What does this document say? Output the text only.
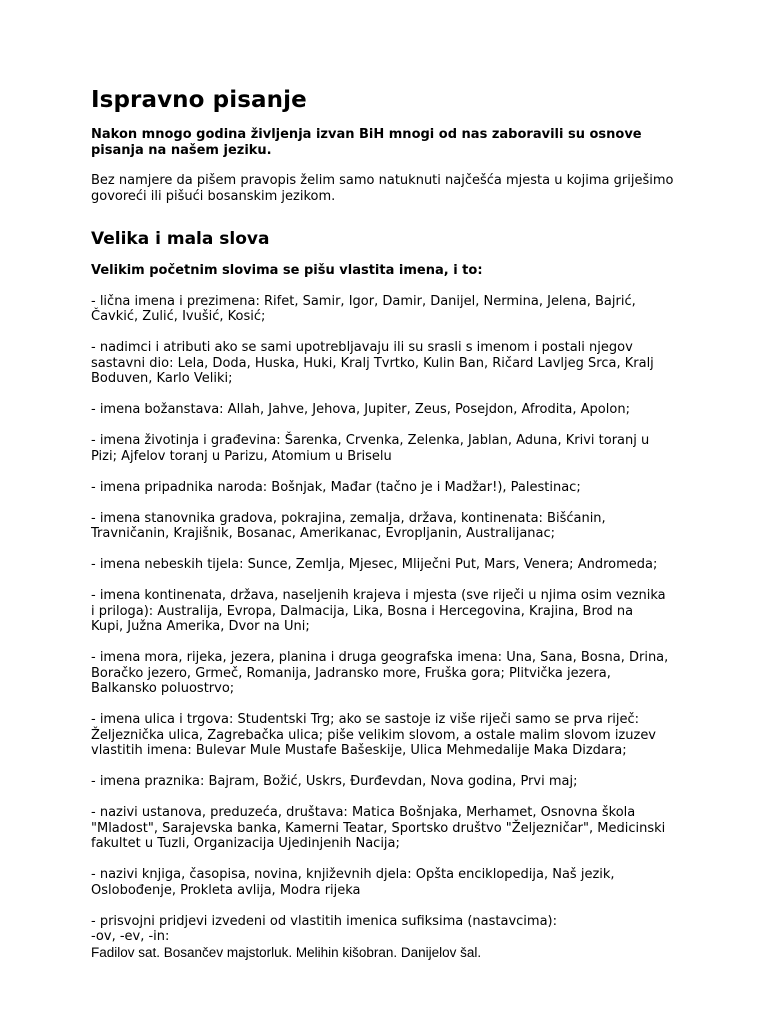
Ispravno pisanje

Nakon mnogo godina življenja izvan BiH mnogi od nas zaboravili su osnove
pisanja na našem jeziku.

Bez namjere da pišem pravopis želim samo natuknuti najčešća mjesta u kojima griješimo
govoreći ili pišući bosanskim jezikom.

Velika i mala slova

Velikim početnim slovima se pišu vlastita imena, i to:

- lična imena i prezimena: Rifet, Samir, Igor, Damir, Danijel, Nermina, Jelena, Bajrić,
Čavkić, Zulić, Ivušić, Kosić;

- nadimci i atributi ako se sami upotrebljavaju ili su srasli s imenom i postali njegov
sastavni dio: Lela, Doda, Huska, Huki, Kralj Tvrtko, Kulin Ban, Ričard Lavljeg Srca, Kralj
Boduven, Karlo Veliki;

- imena božanstava: Allah, Jahve, Jehova, Jupiter, Zeus, Posejdon, Afrodita, Apolon;

- imena životinja i građevina: Šarenka, Crvenka, Zelenka, Jablan, Aduna, Krivi toranj u
Pizi; Ajfelov toranj u Parizu, Atomium u Briselu

- imena pripadnika naroda: Bošnjak, Mađar (tačno je i Madžar!), Palestinac;

- imena stanovnika gradova, pokrajina, zemalja, država, kontinenata: Bišćanin,
Travničanin, Krajišnik, Bosanac, Amerikanac, Evropljanin, Australijanac;

- imena nebeskih tijela: Sunce, Zemlja, Mjesec, Mliječni Put, Mars, Venera; Andromeda;

- imena kontinenata, država, naseljenih krajeva i mjesta (sve riječi u njima osim veznika
i priloga): Australija, Evropa, Dalmacija, Lika, Bosna i Hercegovina, Krajina, Brod na
Kupi, Južna Amerika, Dvor na Uni;

- imena mora, rijeka, jezera, planina i druga geografska imena: Una, Sana, Bosna, Drina,
Boračko jezero, Grmeč, Romanija, Jadransko more, Fruška gora; Plitvička jezera,
Balkansko poluostrvo;

- imena ulica i trgova: Studentski Trg; ako se sastoje iz više riječi samo se prva riječ:
Željeznička ulica, Zagrebačka ulica; piše velikim slovom, a ostale malim slovom izuzev
vlastitih imena: Bulevar Mule Mustafe Bašeskije, Ulica Mehmedalije Maka Dizdara;

- imena praznika: Bajram, Božić, Uskrs, Đurđevdan, Nova godina, Prvi maj;

- nazivi ustanova, preduzeća, društava: Matica Bošnjaka, Merhamet, Osnovna škola
"Mladost", Sarajevska banka, Kamerni Teatar, Sportsko društvo "Željezničar", Medicinski
fakultet u Tuzli, Organizacija Ujedinjenih Nacija;

- nazivi knjiga, časopisa, novina, književnih djela: Opšta enciklopedija, Naš jezik,
Oslobođenje, Prokleta avlija, Modra rijeka

- prisvojni pridjevi izvedeni od vlastitih imenica sufiksima (nastavcima):
-ov, -ev, -in:
Fadilov sat. Bosančev majstorluk. Melihin kišobran. Danijelov šal.
